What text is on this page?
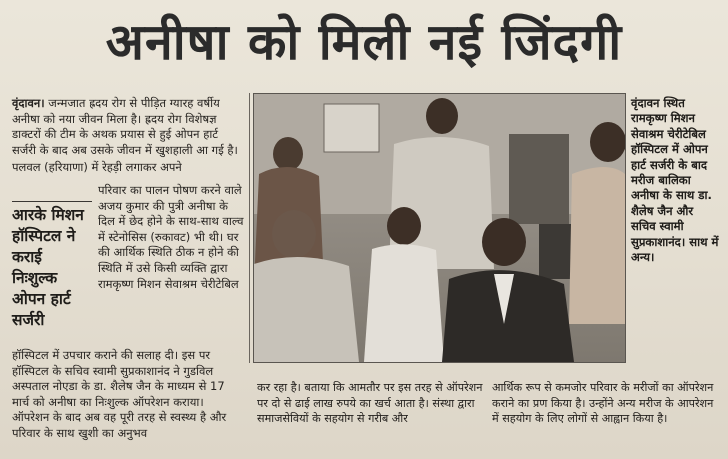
अनीषा को मिली नई जिंदगी

वृंदावन। जन्मजात ह्रदय रोग से पीड़ित ग्यारह वर्षीय अनीषा को नया जीवन मिला है। ह्रदय रोग विशेषज्ञ डाक्टरों की टीम के अथक प्रयास से हुई ओपन हार्ट सर्जरी के बाद अब उसके जीवन में खुशहाली आ गई है।

पलवल (हरियाणा) में रेहड़ी लगाकर अपने

आरके मिशन हॉस्पिटल ने कराई निःशुल्क ओपन हार्ट सर्जरी
परिवार का पालन पोषण करने वाले अजय कुमार की पुत्री अनीषा के दिल में छेद होने के साथ-साथ वाल्व में स्टेनोसिस (रुकावट) भी थी। घर की आर्थिक स्थिति ठीक न होने की स्थिति में उसे किसी व्यक्ति द्वारा रामकृष्ण मिशन सेवाश्रम चेरीटेबिल
हॉस्पिटल में उपचार कराने की सलाह दी। इस पर हॉस्पिटल के सचिव स्वामी सुप्रकाशानंद ने गुडविल अस्पताल नोएडा के डा. शैलेष जैन के माध्यम से 17 मार्च को अनीषा का निःशुल्क ऑपरेशन कराया। ऑपरेशन के बाद अब वह पूरी तरह से स्वस्थ्य है और परिवार के साथ खुशी का अनुभव
वृंदावन स्थित रामकृष्ण मिशन सेवाश्रम चेरीटेबिल हॉस्पिटल में ओपन हार्ट सर्जरी के बाद मरीज बालिका अनीषा के साथ डा. शैलेष जैन और सचिव स्वामी सुप्रकाशानंद। साथ में अन्य।
कर रहा है। बताया कि आमतौर पर इस तरह से ऑपरेशन पर दो से ढाई लाख रुपये का खर्च आता है। संस्था द्वारा समाजसेवियों के सहयोग से गरीब और
आर्थिक रूप से कमजोर परिवार के मरीजों का ऑपरेशन कराने का प्रण किया है। उन्होंने अन्य मरीज के आपरेशन में सहयोग के लिए लोगों से आह्वान किया है।
